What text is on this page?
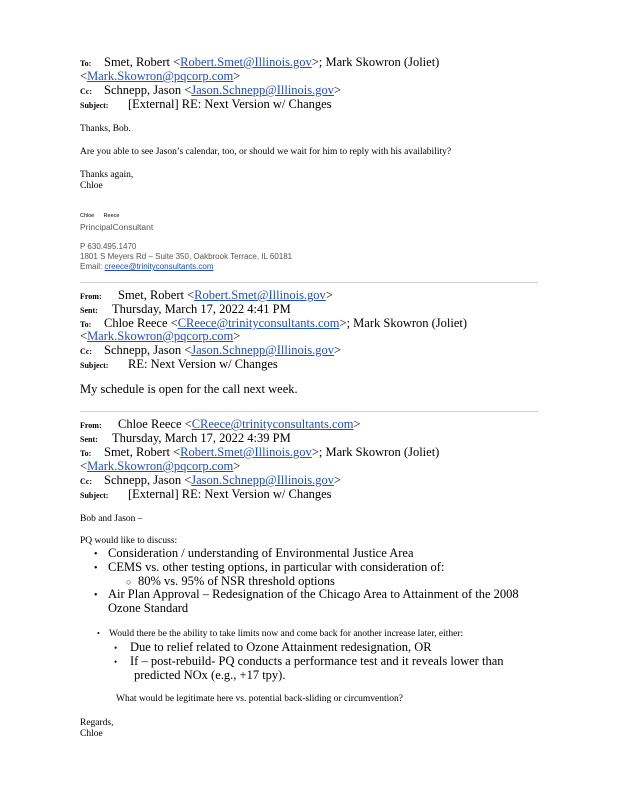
To: Smet, Robert <Robert.Smet@Illinois.gov>; Mark Skowron (Joliet)
<Mark.Skowron@pqcorp.com>
Cc: Schnepp, Jason <Jason.Schnepp@Illinois.gov>
Subject: [External] RE: Next Version w/ Changes
Thanks, Bob.
Are you able to see Jason’s calendar, too, or should we wait for him to reply with his availability?
Thanks again,
Chloe
Chloe Reece
PrincipalConsultant
P 630.495.1470
1801 S Meyers Rd – Suite 350, Oakbrook Terrace, IL 60181
Email: creece@trinityconsultants.com
From: Smet, Robert <Robert.Smet@Illinois.gov>
Sent: Thursday, March 17, 2022 4:41 PM
To: Chloe Reece <CReece@trinityconsultants.com>; Mark Skowron (Joliet)
<Mark.Skowron@pqcorp.com>
Cc: Schnepp, Jason <Jason.Schnepp@Illinois.gov>
Subject: RE: Next Version w/ Changes
My schedule is open for the call next week.
From: Chloe Reece <CReece@trinityconsultants.com>
Sent: Thursday, March 17, 2022 4:39 PM
To: Smet, Robert <Robert.Smet@Illinois.gov>; Mark Skowron (Joliet)
<Mark.Skowron@pqcorp.com>
Cc: Schnepp, Jason <Jason.Schnepp@Illinois.gov>
Subject: [External] RE: Next Version w/ Changes
Bob and Jason –
PQ would like to discuss:
• Consideration / understanding of Environmental Justice Area
• CEMS vs. other testing options, in particular with consideration of:
○ 80% vs. 95% of NSR threshold options
• Air Plan Approval – Redesignation of the Chicago Area to Attainment of the 2008
Ozone Standard
• Would there be the ability to take limits now and come back for another increase later, either:
• Due to relief related to Ozone Attainment redesignation, OR
• If – post-rebuild- PQ conducts a performance test and it reveals lower than
predicted NOx (e.g., +17 tpy).
What would be legitimate here vs. potential back-sliding or circumvention?
Regards,
Chloe
